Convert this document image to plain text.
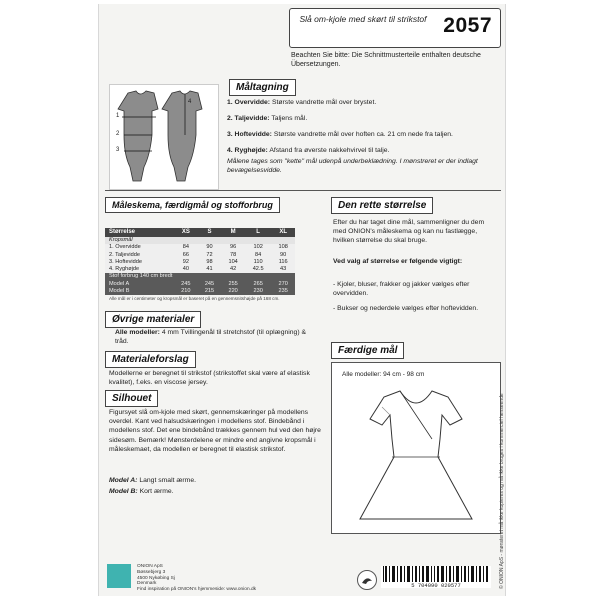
Slå om-kjole med skørt til strikstof 2057
Beachten Sie bitte: Die Schnittmusterteile enthalten deutsche Übersetzungen.
Måltagning
1
2
3
4	1. Overvidde: Største vandrette mål over brystet.
2. Taljevidde: Taljens mål.
3. Hoftevidde: Største vandrette mål over hoften ca. 21 cm nede fra taljen.
4. Ryghøjde: Afstand fra øverste nakkehvirvel til talje.
Målene tages som "kette" mål udenpå underbeklædning. I mønstreret er der indlagt bevægelsesvidde.
Måleskema, færdigmål og stofforbrug
Størrelse	XS	S	M	L	XL
Kropsmål					
1. Overvidde	84	90	96	102	108
2. Taljevidde	66	72	78	84	90
3. Hoftevidde	92	98	104	110	116
4. Ryghøjde	40	41	42	42.5	43
Stof forbrug 140 cm bredt					
Model A	245	245	255	265	270
Model B	210	215	220	230	235
Alle mål er i centimeter og kropsmål er baseret på en gennemsnitshøjde på 168 cm.
Den rette størrelse
Efter du har taget dine mål, sammenligner du dem med ONION's måleskema og kan nu fastlægge, hvilken størrelse du skal bruge.
Ved valg af størrelse er følgende vigtigt:
- Kjoler, bluser, frakker og jakker vælges efter overvidden.
- Bukser og nederdele vælges efter hoftevidden.
Øvrige materialer
Alle modeller: 4 mm Tvillingenål til stretchstof (til oplægning) & tråd.
Materialeforslag
Modellerne er beregnet til strikstof (strikstoffet skal være af elastisk kvalitet), f.eks. en viscose jersey.
Silhouet
Figursyet slå om-kjole med skørt, gennemskæringer på modellens overdel. Kant ved halsudskæringen i modellens stof. Bindebånd i modellens stof. Det ene bindebånd trækkes gennem hul ved den højre sidesøm. Bemærk! Mønsterdelene er mindre end angivne kropsmål i måleskemaet, da modellen er beregnet til elastisk strikstof.
Model A: Langt smalt ærme.
Model B: Kort ærme.
Færdige mål
Alle modeller: 94 cm - 98 cm
ONION ApS
Bøssebjerg 3
4500 Nykøbing Sj
Denmark
Find inspiration på ONION's hjemmeside: www.onion.dk
5 704090 020577	© ONION ApS - mønsteret må ikke kopieres og må ikke bruges i kommerciel henseende
